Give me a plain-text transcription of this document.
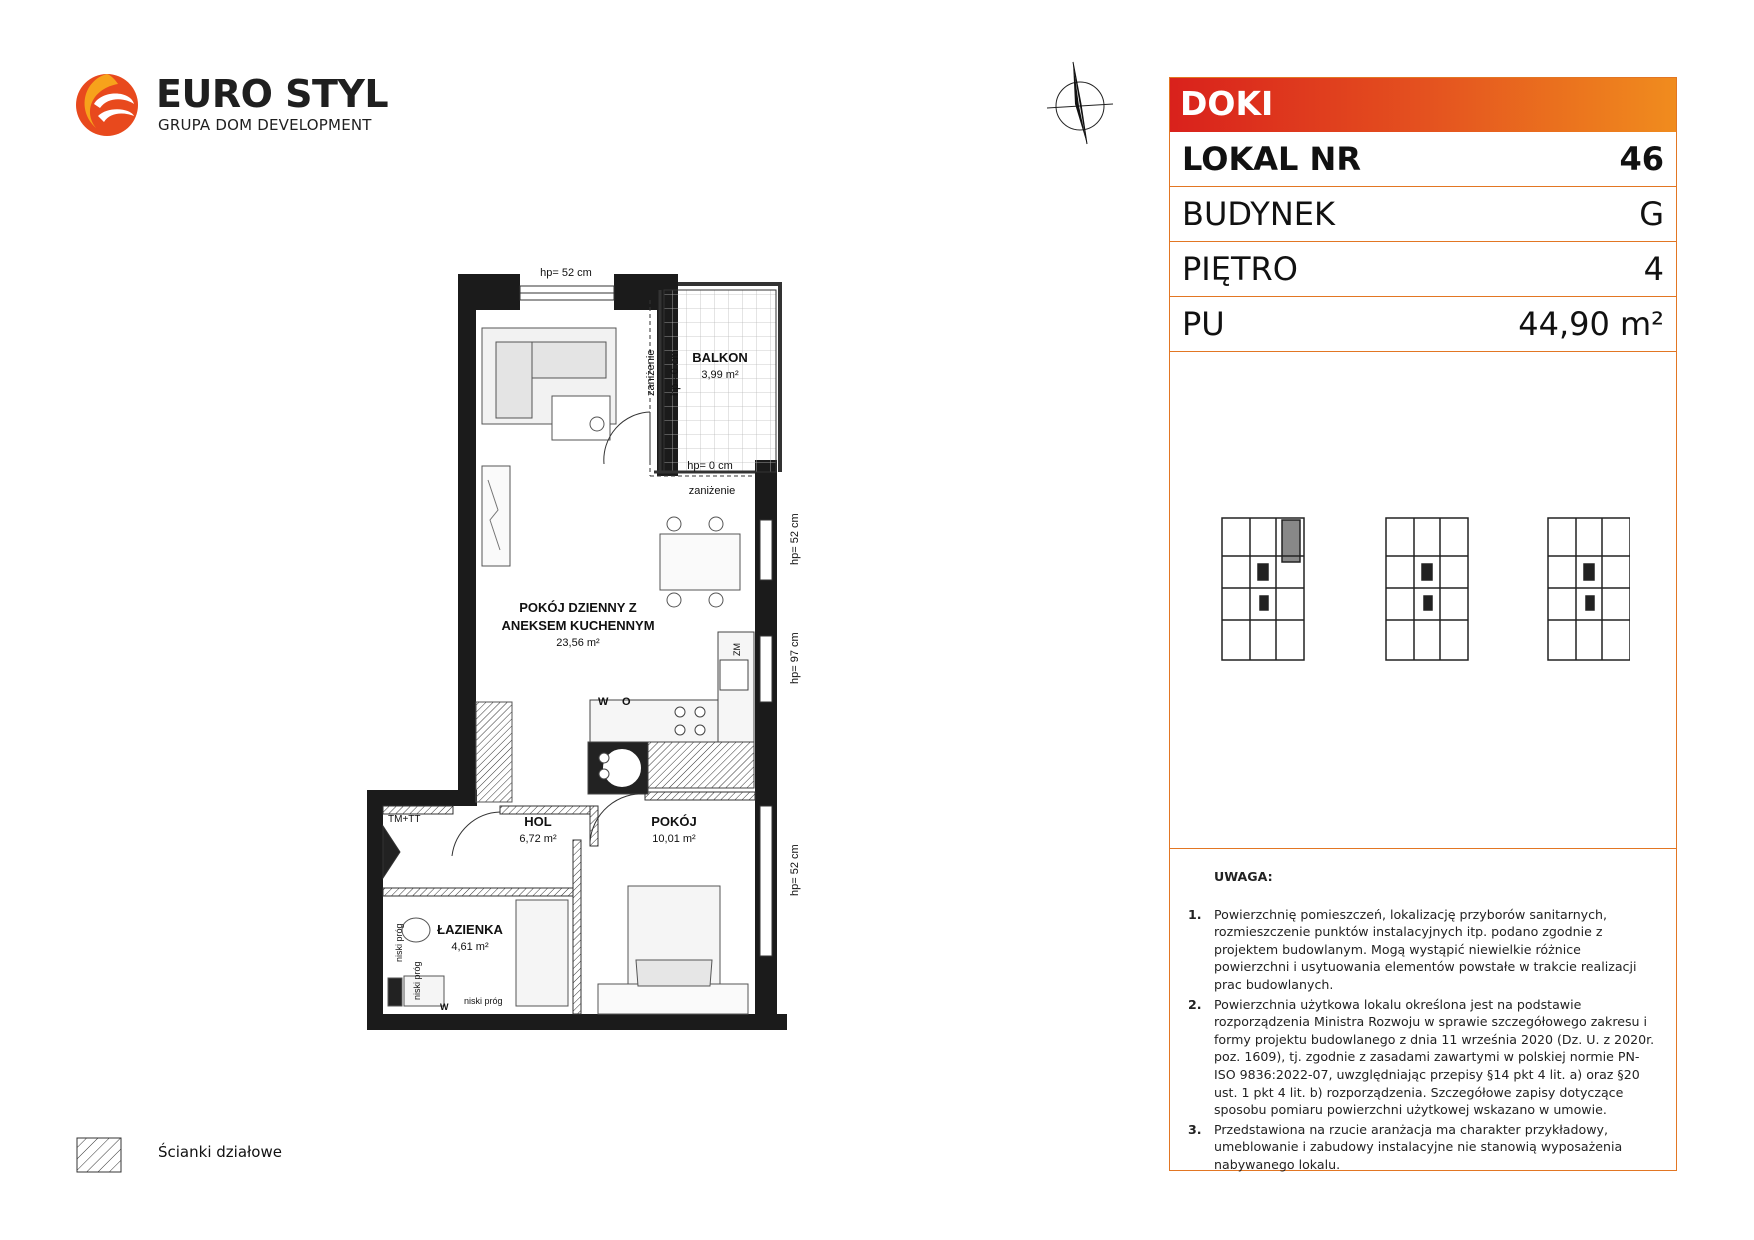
EURO STYL
GRUPA DOM DEVELOPMENT
BALKON
3,99 m²
POKÓJ DZIENNY Z
ANEKSEM KUCHENNYM
23,56 m²
HOL
6,72 m²
POKÓJ
10,01 m²
ŁAZIENKA
4,61 m²
hp= 52 cm
hp= 0 cm
zaniżenie
hp= 0 cm
zaniżenie
hp= 52 cm
hp= 97 cm
hp= 52 cm
TM+TT
ZM
W O
niski próg
niski próg
niski próg
W
Ścianki działowe
DOKI
LOKAL NR	46
BUDYNEK	G
PIĘTRO	4
PU	44,90 m²
UWAGA:
1. Powierzchnię pomieszczeń, lokalizację przyborów sanitarnych, rozmieszczenie punktów instalacyjnych itp. podano zgodnie z projektem budowlanym. Mogą wystąpić niewielkie różnice powierzchni i usytuowania elementów powstałe w trakcie realizacji prac budowlanych.
2. Powierzchnia użytkowa lokalu określona jest na podstawie rozporządzenia Ministra Rozwoju w sprawie szczegółowego zakresu i formy projektu budowlanego z dnia 11 września 2020 (Dz. U. z 2020r. poz. 1609), tj. zgodnie z zasadami zawartymi w polskiej normie PN-ISO 9836:2022-07, uwzględniając przepisy §14 pkt 4 lit. a) oraz §20 ust. 1 pkt 4 lit. b) rozporządzenia. Szczegółowe zapisy dotyczące sposobu pomiaru powierzchni użytkowej wskazano w umowie.
3. Przedstawiona na rzucie aranżacja ma charakter przykładowy, umeblowanie i zabudowy instalacyjne nie stanowią wyposażenia nabywanego lokalu.
